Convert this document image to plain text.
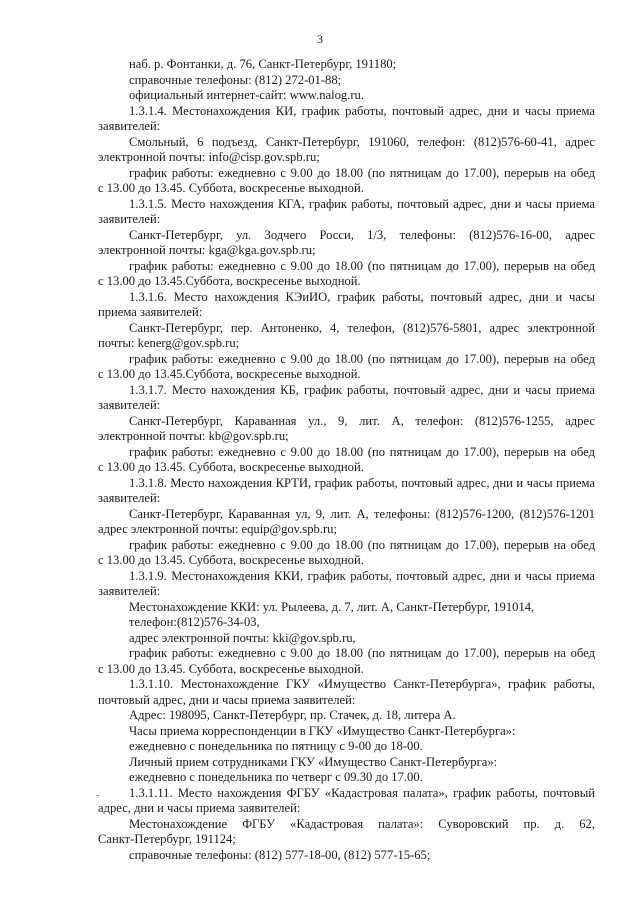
3
наб. р. Фонтанки, д. 76, Санкт-Петербург, 191180;
справочные телефоны: (812) 272-01-88;
официальный интернет-сайт: www.nalog.ru.
1.3.1.4. Местонахождения КИ, график работы, почтовый адрес, дни и часы приема
заявителей:
Смольный, 6 подъезд, Санкт-Петербург, 191060, телефон: (812)576-60-41, адрес
электронной почты: info@cisp.gov.spb.ru;
график работы: ежедневно с 9.00 до 18.00 (по пятницам до 17.00), перерыв на обед
с 13.00 до 13.45. Суббота, воскресенье выходной.
1.3.1.5. Место нахождения КГА, график работы, почтовый адрес, дни и часы приема
заявителей:
Санкт-Петербург, ул. Зодчего Росси, 1/3, телефоны: (812)576-16-00, адрес
электронной почты: kga@kga.gov.spb.ru;
график работы: ежедневно с 9.00 до 18.00 (по пятницам до 17.00), перерыв на обед
с 13.00 до 13.45.Суббота, воскресенье выходной.
1.3.1.6. Место нахождения КЭиИО, график работы, почтовый адрес, дни и часы
приема заявителей:
Санкт-Петербург, пер. Антоненко, 4, телефон, (812)576-5801, адрес электронной
почты: kenerg@gov.spb.ru;
график работы: ежедневно с 9.00 до 18.00 (по пятницам до 17.00), перерыв на обед
с 13.00 до 13.45.Суббота, воскресенье выходной.
1.3.1.7. Место нахождения КБ, график работы, почтовый адрес, дни и часы приема
заявителей:
Санкт-Петербург, Караванная ул., 9, лит. А, телефон: (812)576-1255, адрес
электронной почты: kb@gov.spb.ru;
график работы: ежедневно с 9.00 до 18.00 (по пятницам до 17.00), перерыв на обед
с 13.00 до 13.45. Суббота, воскресенье выходной.
1.3.1.8. Место нахождения КРТИ, график работы, почтовый адрес, дни и часы приема
заявителей:
Санкт-Петербург, Караванная ул, 9, лит. А, телефоны: (812)576-1200, (812)576-1201
адрес электронной почты: equip@gov.spb.ru;
график работы: ежедневно с 9.00 до 18.00 (по пятницам до 17.00), перерыв на обед
с 13.00 до 13.45. Суббота, воскресенье выходной.
1.3.1.9. Местонахождения ККИ, график работы, почтовый адрес, дни и часы приема
заявителей:
Местонахождение ККИ: ул. Рылеева, д. 7, лит. А, Санкт-Петербург, 191014,
телефон:(812)576-34-03,
адрес электронной почты: kki@gov.spb.ru,
график работы: ежедневно с 9.00 до 18.00 (по пятницам до 17.00), перерыв на обед
с 13.00 до 13.45. Суббота, воскресенье выходной.
1.3.1.10. Местонахождение ГКУ «Имущество Санкт-Петербурга», график работы,
почтовый адрес, дни и часы приема заявителей:
Адрес: 198095, Санкт-Петербург, пр. Стачек, д. 18, литера А.
Часы приема корреспонденции в ГКУ «Имущество Санкт-Петербурга»:
ежедневно с понедельника по пятницу с 9-00 до 18-00.
Личный прием сотрудниками ГКУ «Имущество Санкт-Петербурга»:
ежедневно с понедельника по четверг с 09.30 до 17.00.
1.3.1.11. Место нахождения ФГБУ «Кадастровая палата», график работы, почтовый
адрес, дни и часы приема заявителей:
Местонахождение ФГБУ «Кадастровая палата»: Суворовский пр. д. 62,
Санкт-Петербург, 191124;
справочные телефоны: (812) 577-18-00, (812) 577-15-65;
-
